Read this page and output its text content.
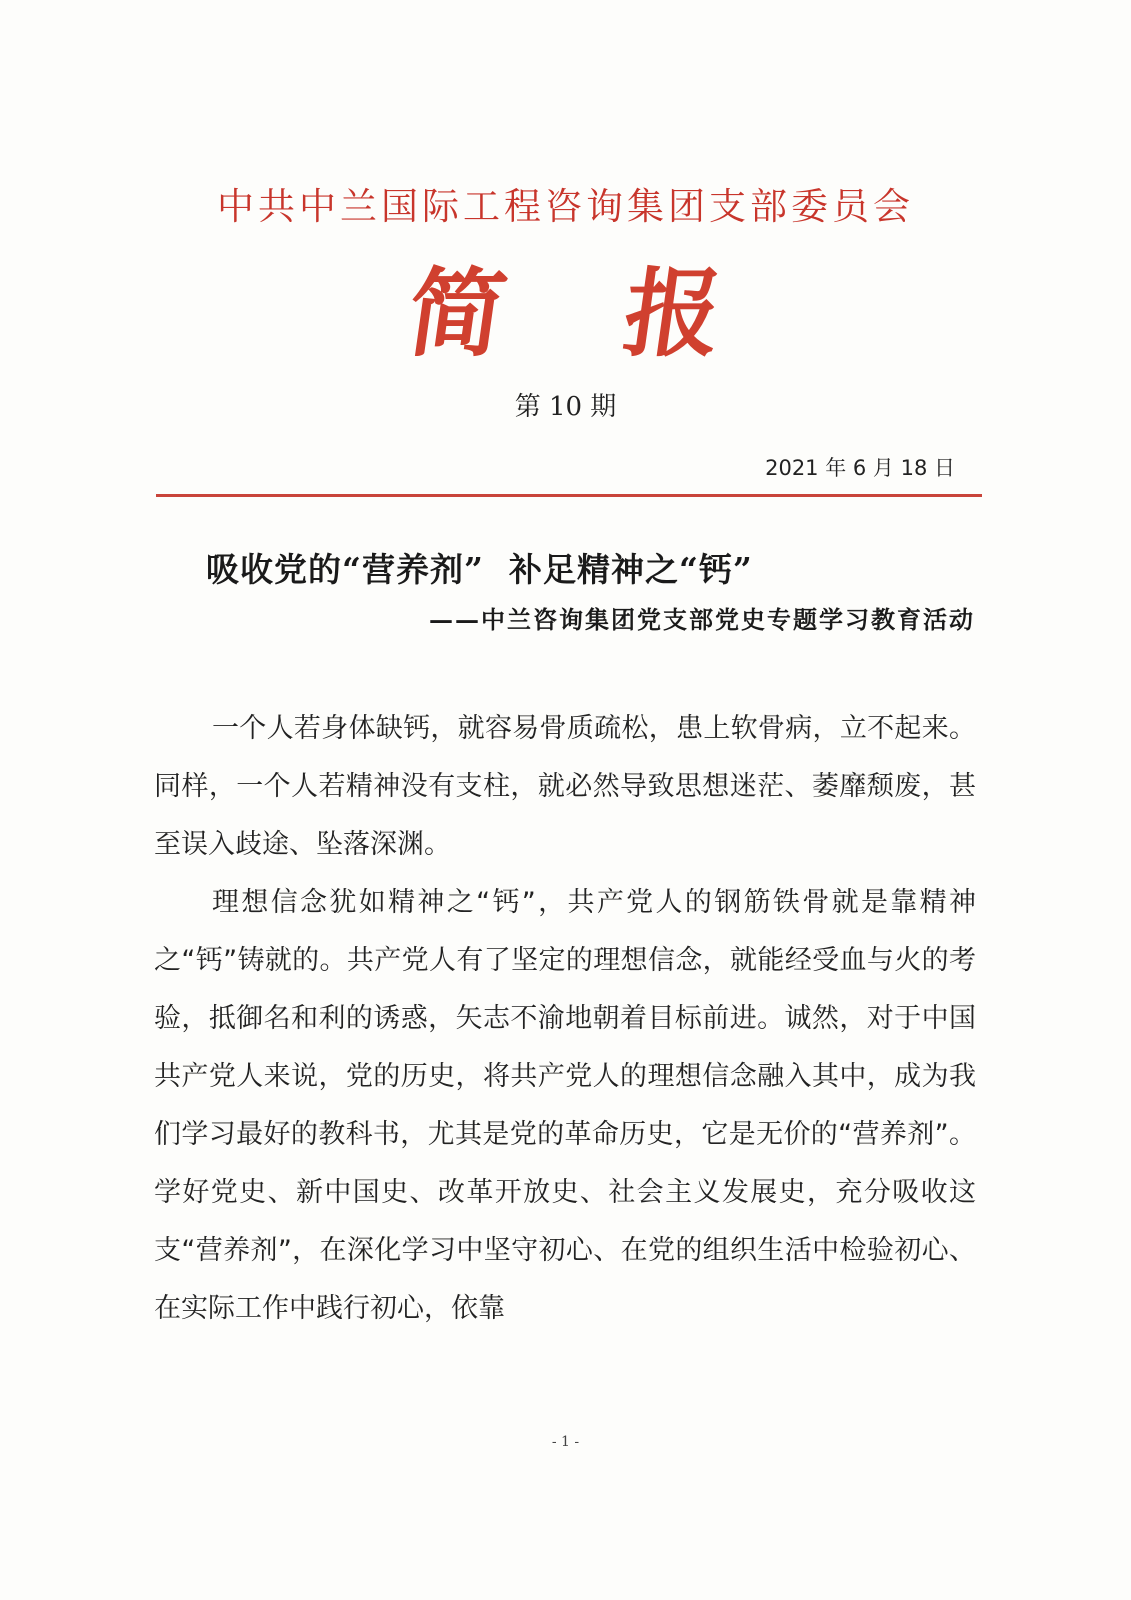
中共中兰国际工程咨询集团支部委员会
简 报
第 10 期
2021 年 6 月 18 日
吸收党的“营养剂”  补足精神之“钙”
——中兰咨询集团党支部党史专题学习教育活动

一个人若身体缺钙，就容易骨质疏松，患上软骨病，立不起来。同样，一个人若精神没有支柱，就必然导致思想迷茫、萎靡颓废，甚至误入歧途、坠落深渊。

理想信念犹如精神之“钙”，共产党人的钢筋铁骨就是靠精神之“钙”铸就的。共产党人有了坚定的理想信念，就能经受血与火的考验，抵御名和利的诱惑，矢志不渝地朝着目标前进。诚然，对于中国共产党人来说，党的历史，将共产党人的理想信念融入其中，成为我们学习最好的教科书，尤其是党的革命历史，它是无价的“营养剂”。学好党史、新中国史、改革开放史、社会主义发展史，充分吸收这支“营养剂”，在深化学习中坚守初心、在党的组织生活中检验初心、在实际工作中践行初心，依靠

- 1 -
